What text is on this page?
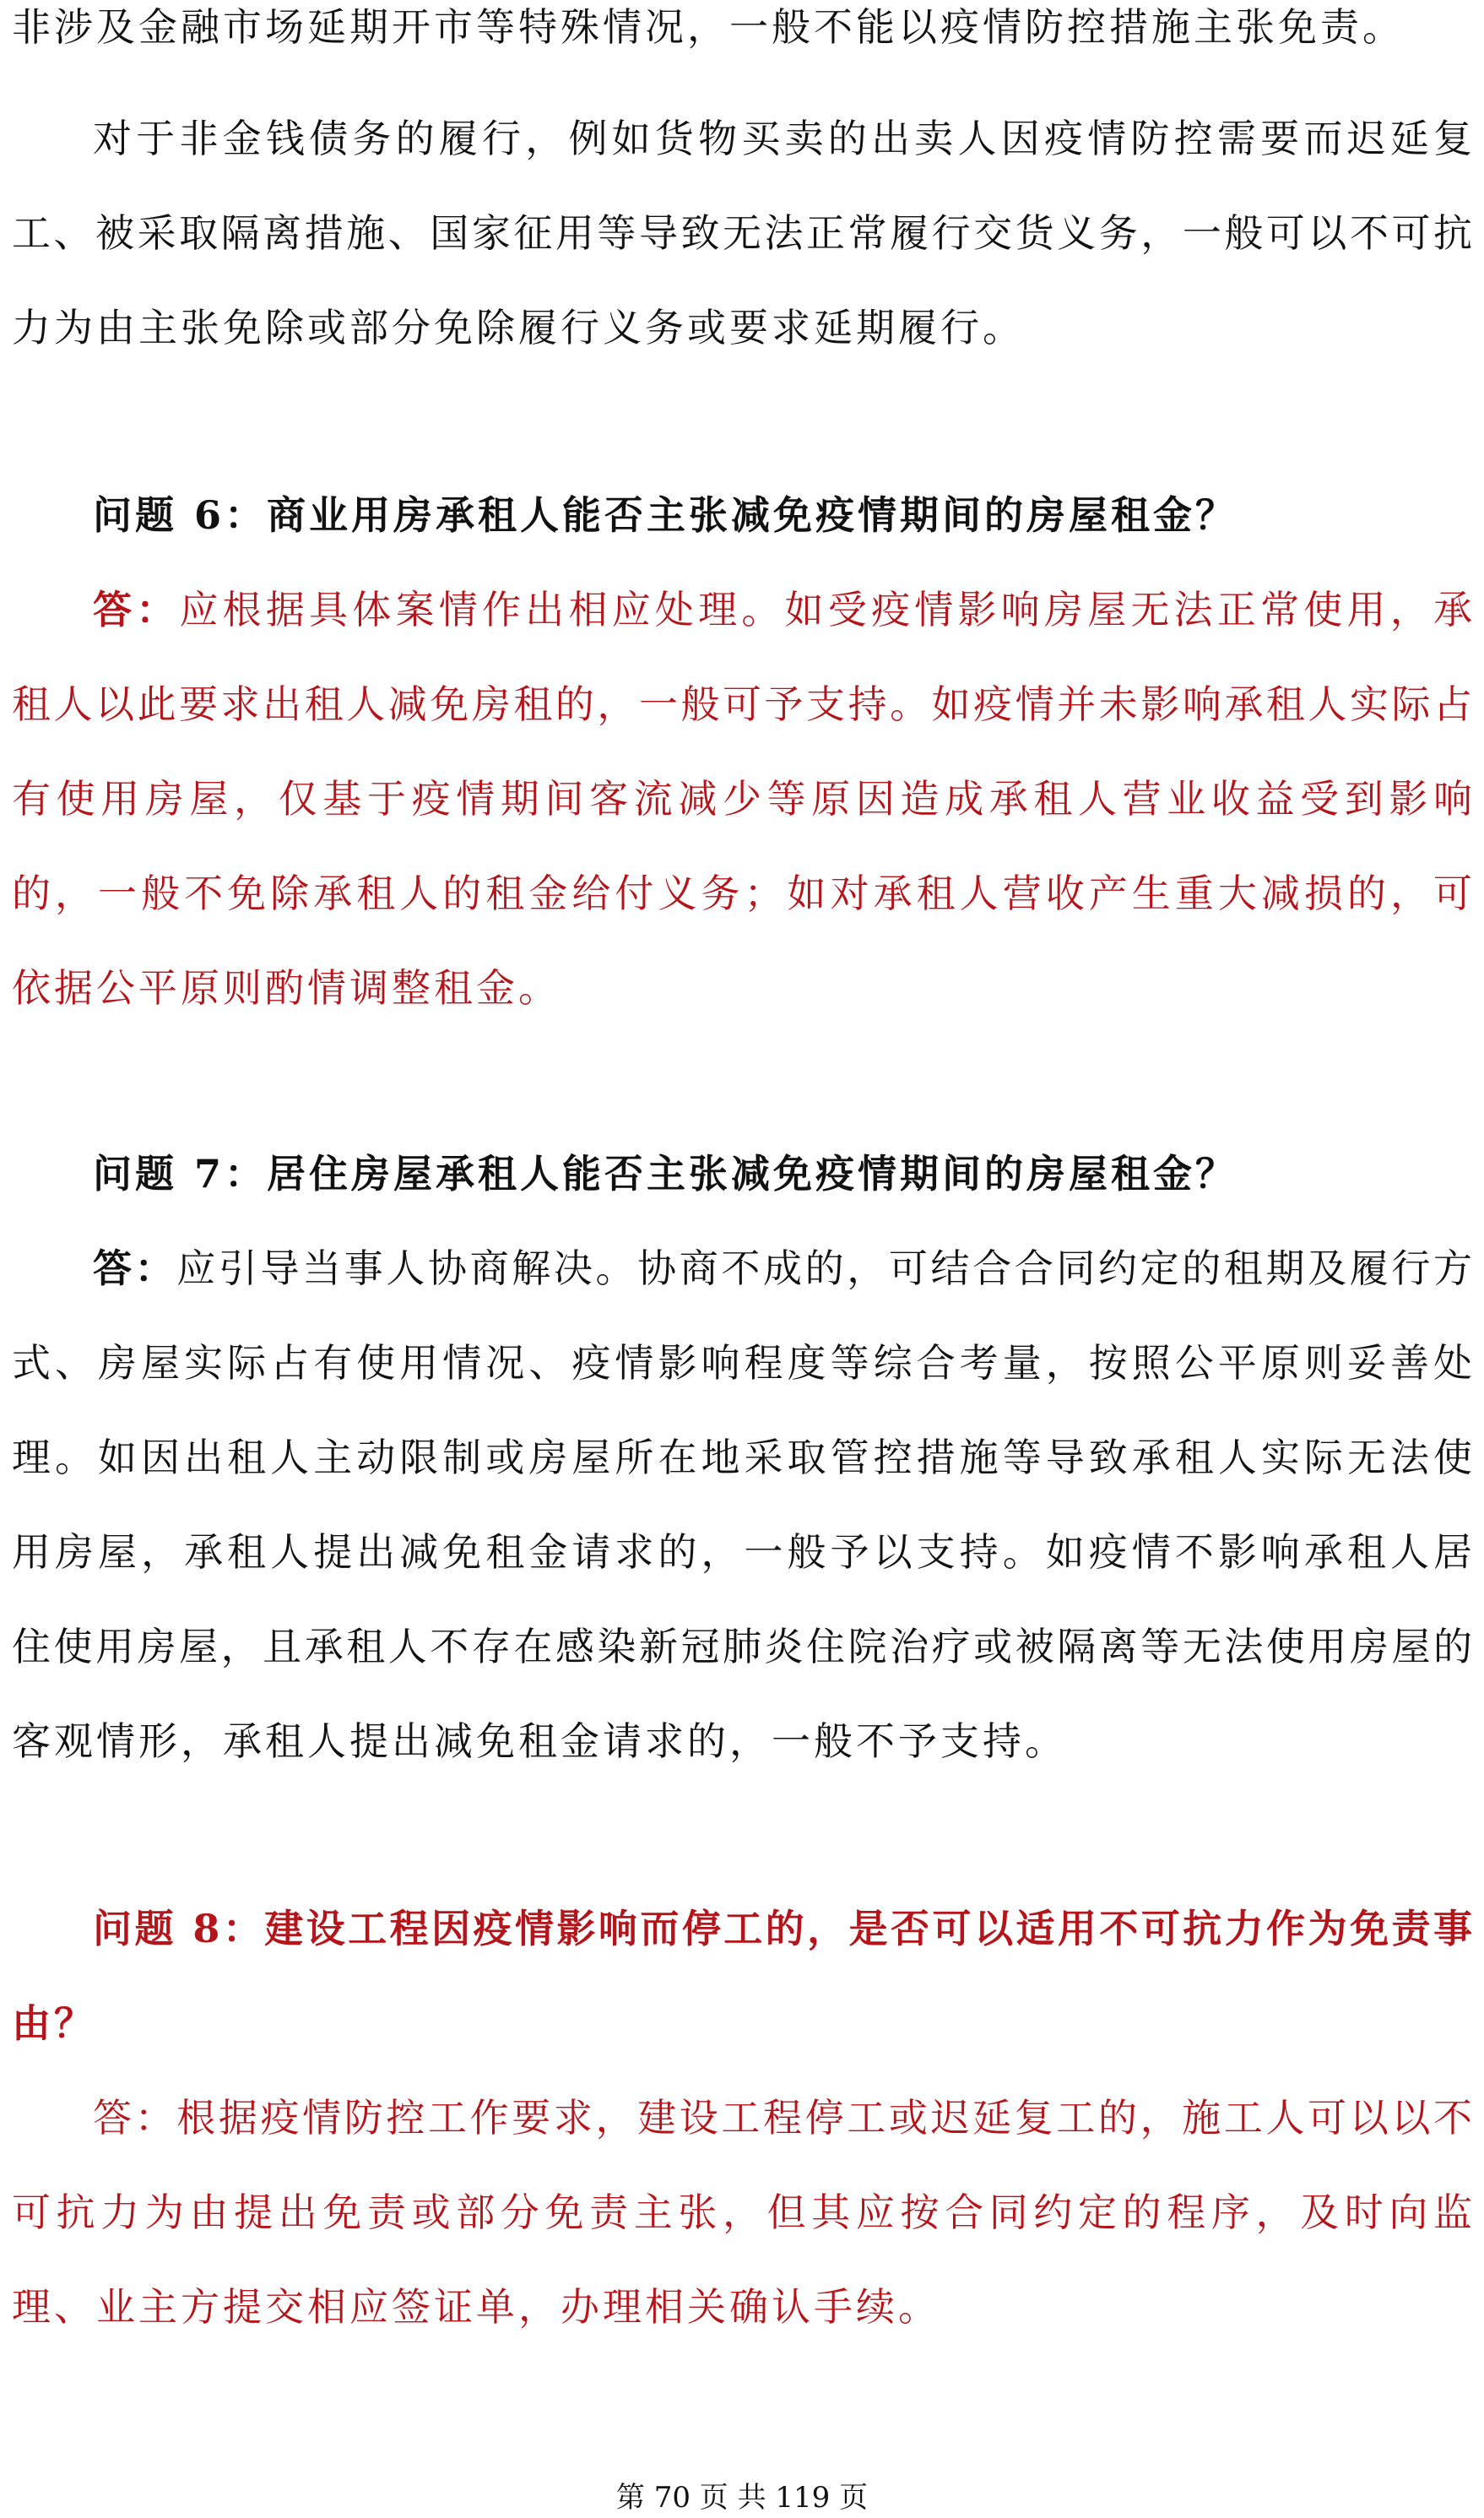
非涉及金融市场延期开市等特殊情况，一般不能以疫情防控措施主张免责。
对于非金钱债务的履行，例如货物买卖的出卖人因疫情防控需要而迟延复
工、被采取隔离措施、国家征用等导致无法正常履行交货义务，一般可以不可抗
力为由主张免除或部分免除履行义务或要求延期履行。
问题 6：商业用房承租人能否主张减免疫情期间的房屋租金？
答：应根据具体案情作出相应处理。如受疫情影响房屋无法正常使用，承
租人以此要求出租人减免房租的，一般可予支持。如疫情并未影响承租人实际占
有使用房屋，仅基于疫情期间客流减少等原因造成承租人营业收益受到影响
的，一般不免除承租人的租金给付义务；如对承租人营收产生重大减损的，可
依据公平原则酌情调整租金。
问题 7：居住房屋承租人能否主张减免疫情期间的房屋租金？
答：应引导当事人协商解决。协商不成的，可结合合同约定的租期及履行方
式、房屋实际占有使用情况、疫情影响程度等综合考量，按照公平原则妥善处
理。如因出租人主动限制或房屋所在地采取管控措施等导致承租人实际无法使
用房屋，承租人提出减免租金请求的，一般予以支持。如疫情不影响承租人居
住使用房屋，且承租人不存在感染新冠肺炎住院治疗或被隔离等无法使用房屋的
客观情形，承租人提出减免租金请求的，一般不予支持。
问题 8：建设工程因疫情影响而停工的，是否可以适用不可抗力作为免责事
由？
答：根据疫情防控工作要求，建设工程停工或迟延复工的，施工人可以以不
可抗力为由提出免责或部分免责主张，但其应按合同约定的程序，及时向监
理、业主方提交相应签证单，办理相关确认手续。
第 70 页 共 119 页
